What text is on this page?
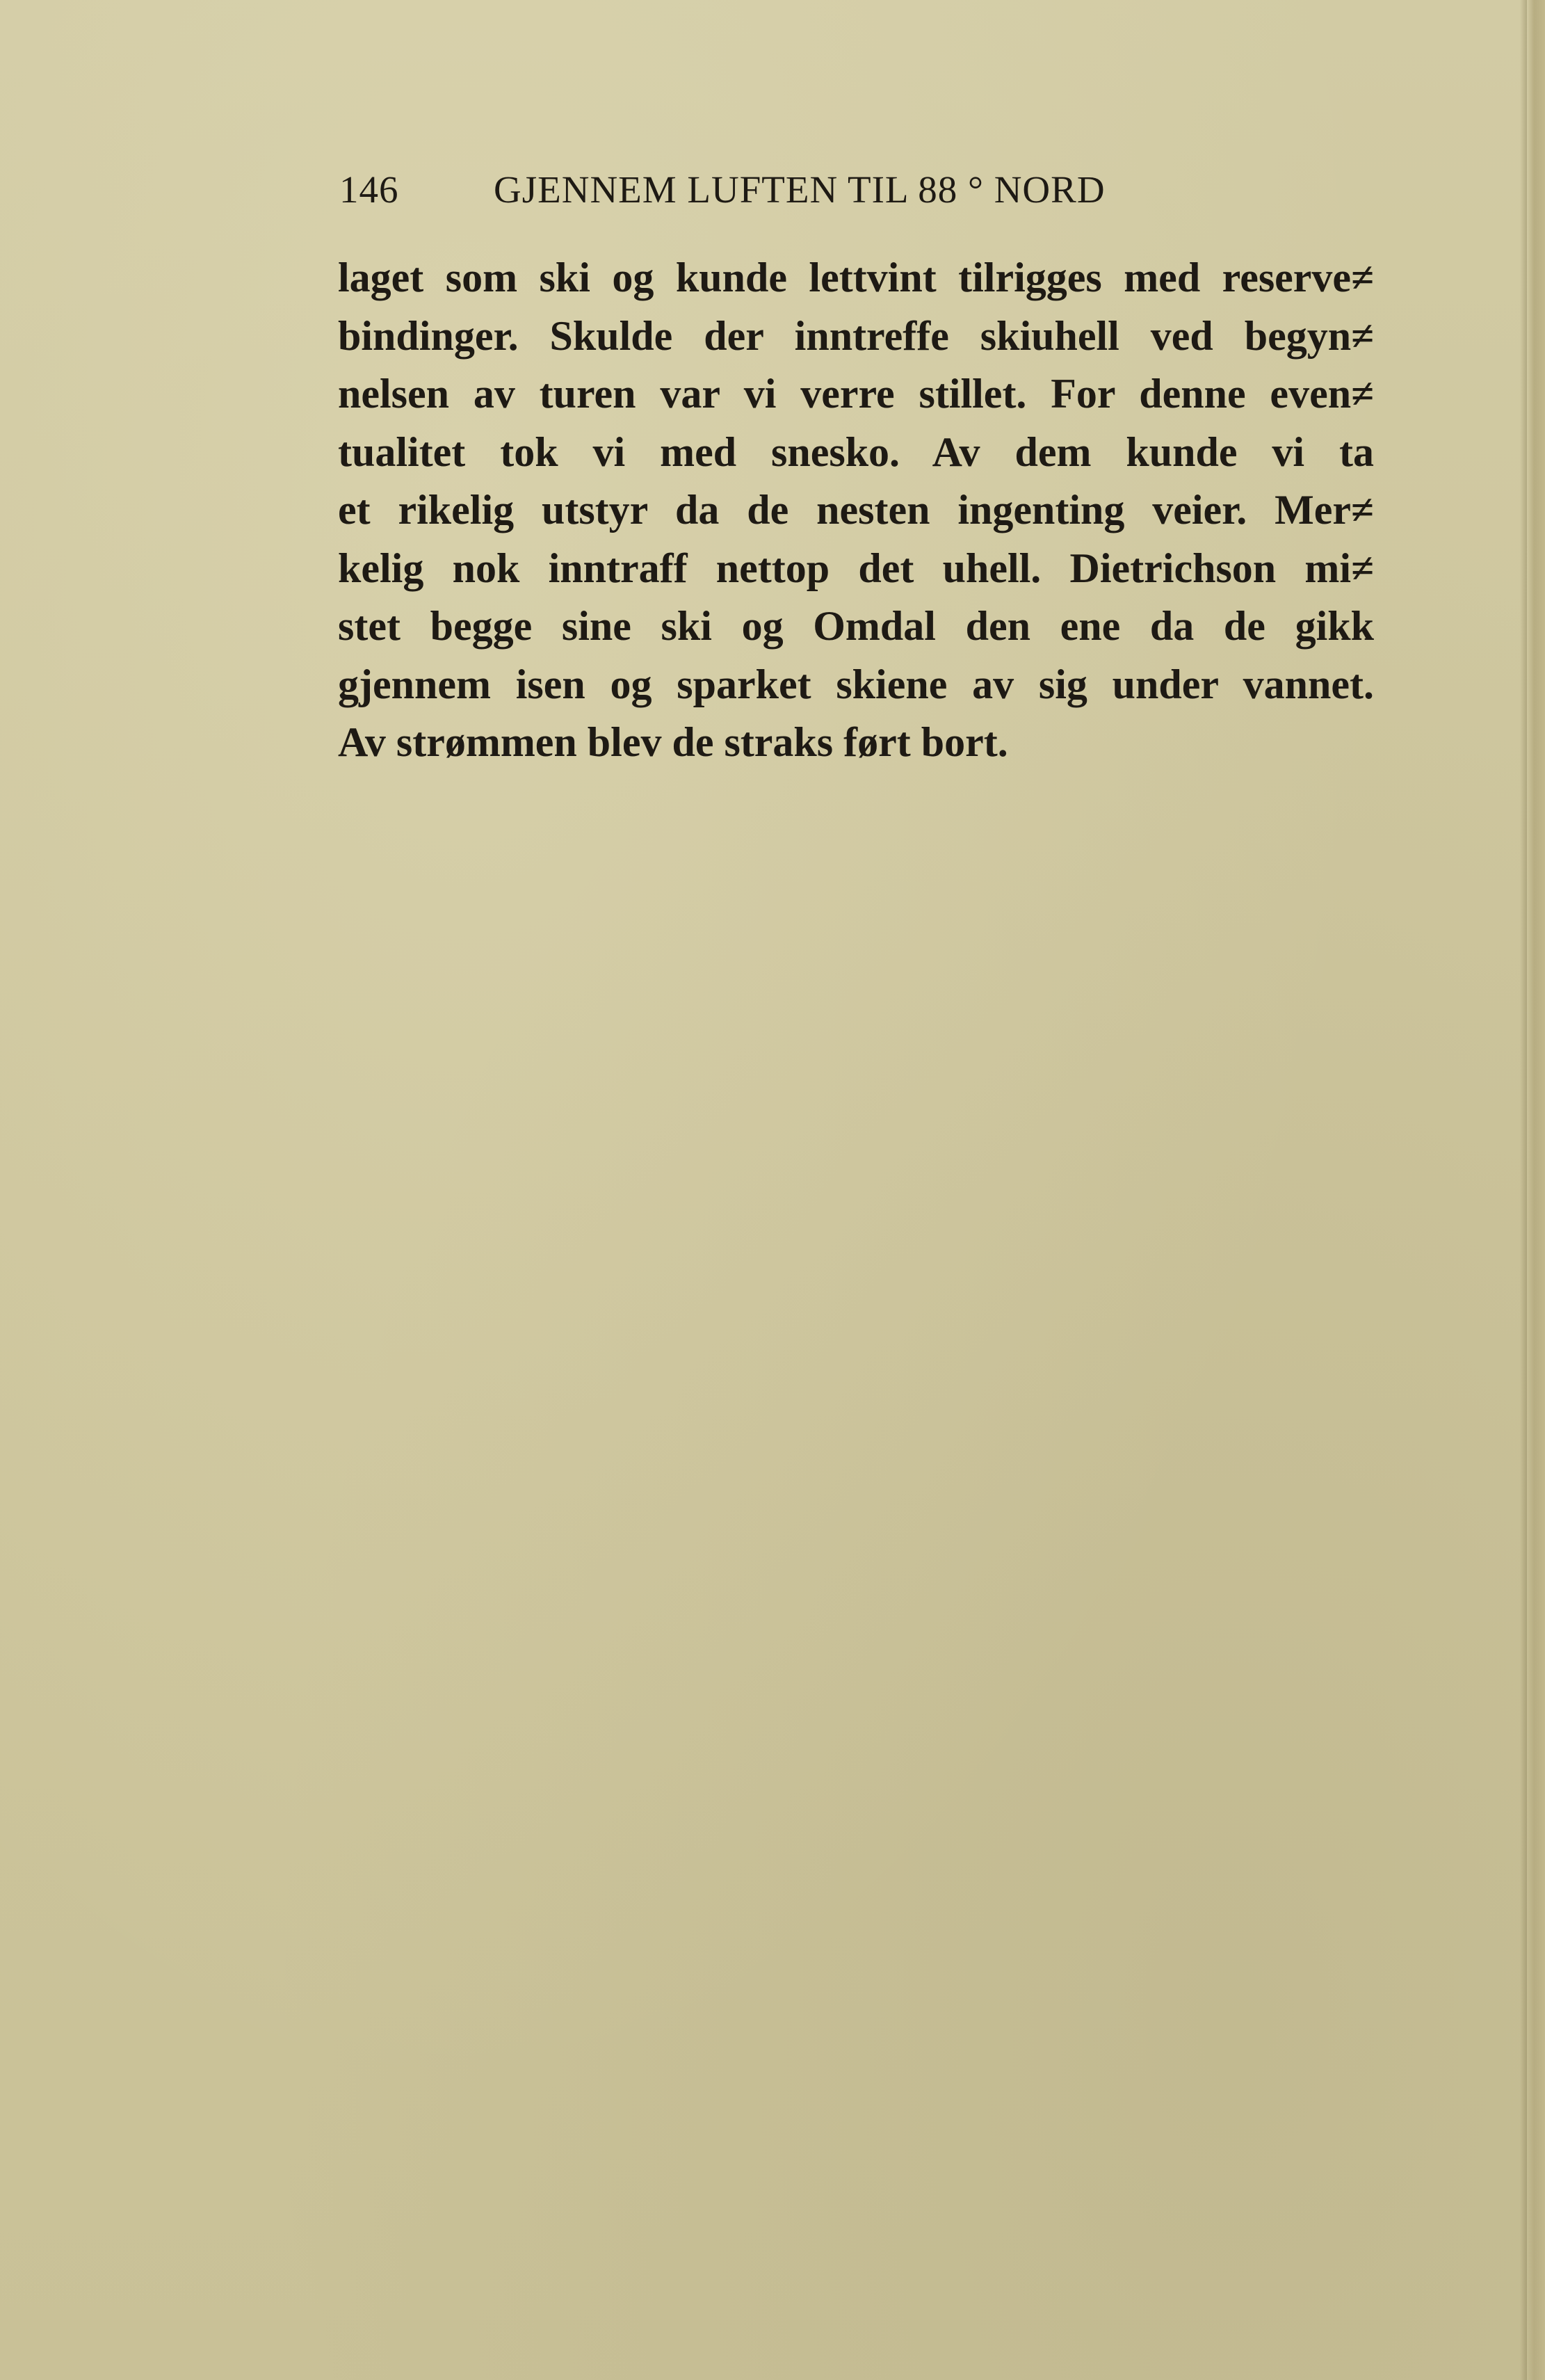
146 GJENNEM LUFTEN TIL 88 ° NORD
laget som ski og kunde lettvint tilrigges med reserve≠
bindinger. Skulde der inntreffe skiuhell ved begyn≠
nelsen av turen var vi verre stillet. For denne even≠
tualitet tok vi med snesko. Av dem kunde vi ta
et rikelig utstyr da de nesten ingenting veier. Mer≠
kelig nok inntraff nettop det uhell. Dietrichson mi≠
stet begge sine ski og Omdal den ene da de gikk
gjennem isen og sparket skiene av sig under vannet.
Av strømmen blev de straks ført bort.
